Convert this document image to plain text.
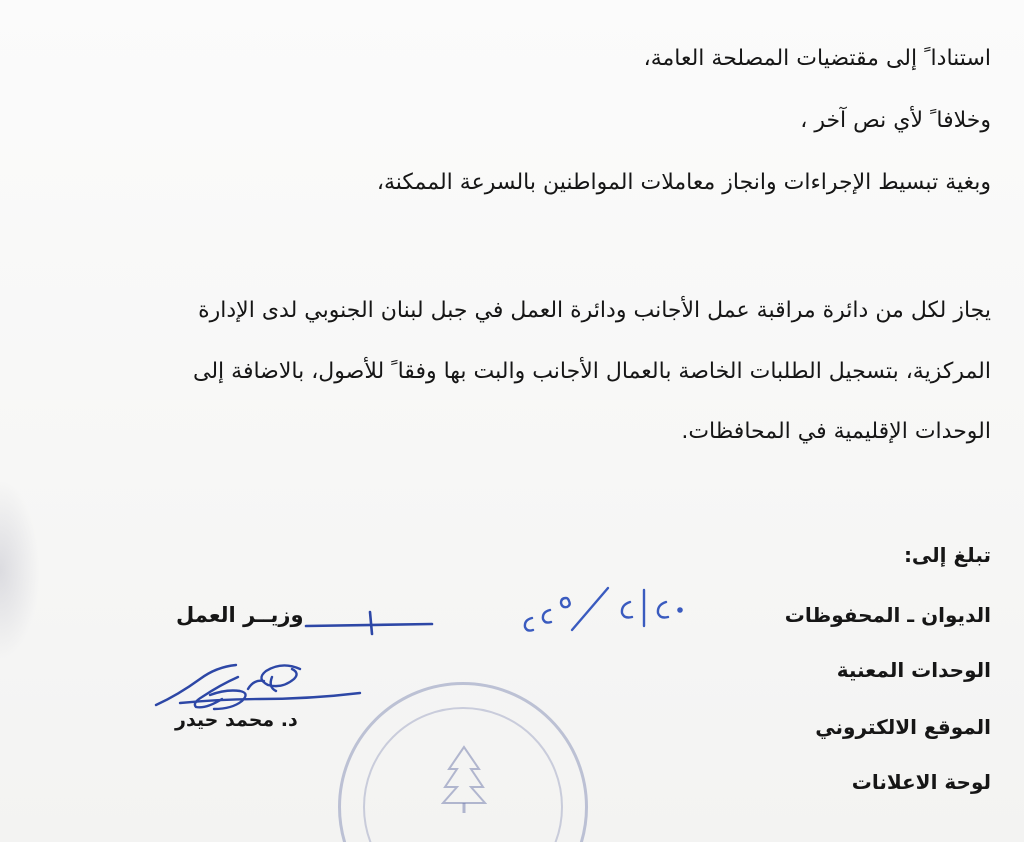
استنادا ً إلى مقتضيات المصلحة العامة،
وخلافا ً لأي نص آخر ،
وبغية تبسيط الإجراءات وانجاز معاملات المواطنين بالسرعة الممكنة،
يجاز لكل من دائرة مراقبة عمل الأجانب ودائرة العمل في جبل لبنان الجنوبي لدى الإدارة
المركزية، بتسجيل الطلبات الخاصة بالعمال الأجانب والبت بها وفقا ً للأصول، بالاضافة إلى
الوحدات الإقليمية في المحافظات.
تبلغ إلى:
الديوان ـ المحفوظات
الوحدات المعنية
الموقع الالكتروني
لوحة الاعلانات
وزيــر العمل
د. محمد حيدر
